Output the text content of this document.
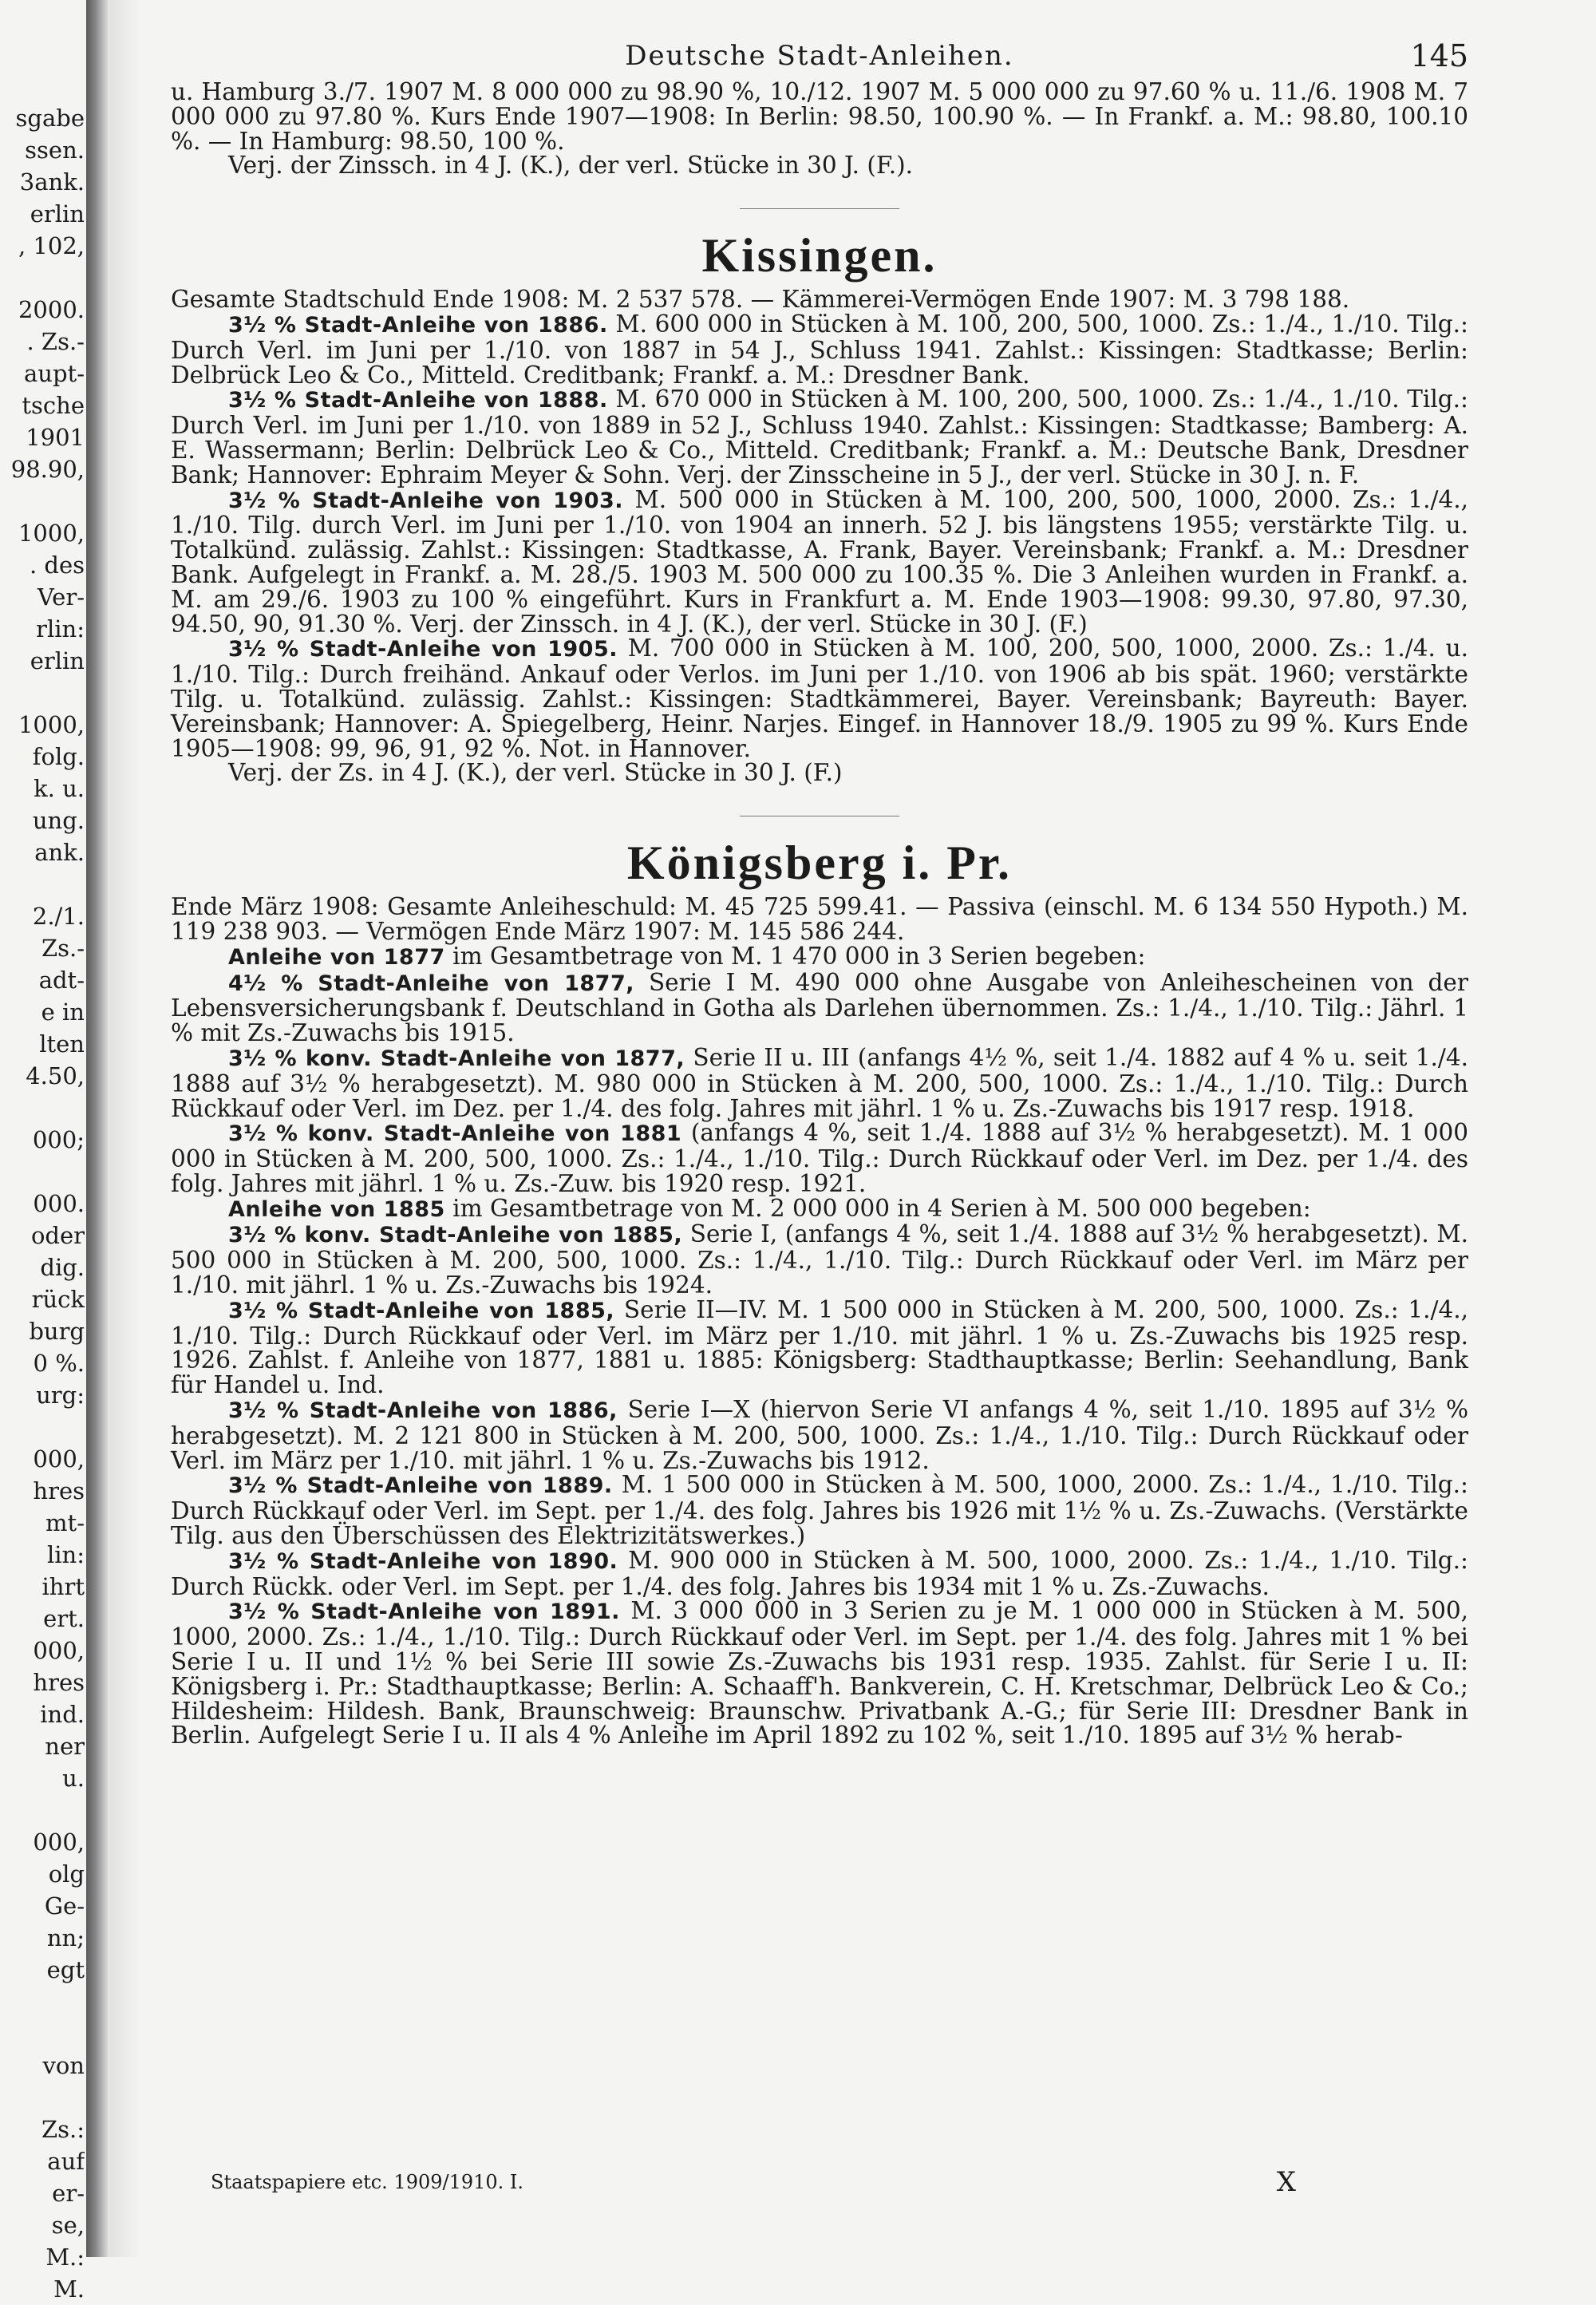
sgabe
ssen.
3ank.
erlin
, 102,
2000.
. Zs.-
aupt-
tsche
1901
98.90,
1000,
. des
Ver-
rlin:
erlin
1000,
folg.
k. u.
ung.
ank.
2./1.
Zs.-
adt-
e in
lten
4.50,
000;
000.
oder
dig.
rück
burg
0 %.
urg:
000,
hres
mt-
lin:
ihrt
ert.
000,
hres
ind.
ner
u.
000,
olg
Ge-
nn;
egt
von
Zs.:
auf
er-
se,
M.:
M.
Deutsche Stadt-Anleihen.	145

u. Hamburg 3./7. 1907 M. 8 000 000 zu 98.90 %, 10./12. 1907 M. 5 000 000 zu 97.60 % u. 11./6. 1908 M. 7 000 000 zu 97.80 %. Kurs Ende 1907—1908: In Berlin: 98.50, 100.90 %. — In Frankf. a. M.: 98.80, 100.10 %. — In Hamburg: 98.50, 100 %.

Verj. der Zinssch. in 4 J. (K.), der verl. Stücke in 30 J. (F.).

Kissingen.

Gesamte Stadtschuld Ende 1908: M. 2 537 578. — Kämmerei-Vermögen Ende 1907: M. 3 798 188.

3½ % Stadt-Anleihe von 1886. M. 600 000 in Stücken à M. 100, 200, 500, 1000. Zs.: 1./4., 1./10. Tilg.: Durch Verl. im Juni per 1./10. von 1887 in 54 J., Schluss 1941. Zahlst.: Kissingen: Stadtkasse; Berlin: Delbrück Leo & Co., Mitteld. Creditbank; Frankf. a. M.: Dresdner Bank.

3½ % Stadt-Anleihe von 1888. M. 670 000 in Stücken à M. 100, 200, 500, 1000. Zs.: 1./4., 1./10. Tilg.: Durch Verl. im Juni per 1./10. von 1889 in 52 J., Schluss 1940. Zahlst.: Kissingen: Stadtkasse; Bamberg: A. E. Wassermann; Berlin: Delbrück Leo & Co., Mitteld. Creditbank; Frankf. a. M.: Deutsche Bank, Dresdner Bank; Hannover: Ephraim Meyer & Sohn. Verj. der Zinsscheine in 5 J., der verl. Stücke in 30 J. n. F.

3½ % Stadt-Anleihe von 1903. M. 500 000 in Stücken à M. 100, 200, 500, 1000, 2000. Zs.: 1./4., 1./10. Tilg. durch Verl. im Juni per 1./10. von 1904 an innerh. 52 J. bis längstens 1955; verstärkte Tilg. u. Totalkünd. zulässig. Zahlst.: Kissingen: Stadtkasse, A. Frank, Bayer. Vereinsbank; Frankf. a. M.: Dresdner Bank. Aufgelegt in Frankf. a. M. 28./5. 1903 M. 500 000 zu 100.35 %. Die 3 Anleihen wurden in Frankf. a. M. am 29./6. 1903 zu 100 % eingeführt. Kurs in Frankfurt a. M. Ende 1903—1908: 99.30, 97.80, 97.30, 94.50, 90, 91.30 %. Verj. der Zinssch. in 4 J. (K.), der verl. Stücke in 30 J. (F.)

3½ % Stadt-Anleihe von 1905. M. 700 000 in Stücken à M. 100, 200, 500, 1000, 2000. Zs.: 1./4. u. 1./10. Tilg.: Durch freihänd. Ankauf oder Verlos. im Juni per 1./10. von 1906 ab bis spät. 1960; verstärkte Tilg. u. Totalkünd. zulässig. Zahlst.: Kissingen: Stadtkämmerei, Bayer. Vereinsbank; Bayreuth: Bayer. Vereinsbank; Hannover: A. Spiegelberg, Heinr. Narjes. Eingef. in Hannover 18./9. 1905 zu 99 %. Kurs Ende 1905—1908: 99, 96, 91, 92 %. Not. in Hannover.

Verj. der Zs. in 4 J. (K.), der verl. Stücke in 30 J. (F.)

Königsberg i. Pr.

Ende März 1908: Gesamte Anleiheschuld: M. 45 725 599.41. — Passiva (einschl. M. 6 134 550 Hypoth.) M. 119 238 903. — Vermögen Ende März 1907: M. 145 586 244.

Anleihe von 1877 im Gesamtbetrage von M. 1 470 000 in 3 Serien begeben:

4½ % Stadt-Anleihe von 1877, Serie I M. 490 000 ohne Ausgabe von Anleihescheinen von der Lebensversicherungsbank f. Deutschland in Gotha als Darlehen übernommen. Zs.: 1./4., 1./10. Tilg.: Jährl. 1 % mit Zs.-Zuwachs bis 1915.

3½ % konv. Stadt-Anleihe von 1877, Serie II u. III (anfangs 4½ %, seit 1./4. 1882 auf 4 % u. seit 1./4. 1888 auf 3½ % herabgesetzt). M. 980 000 in Stücken à M. 200, 500, 1000. Zs.: 1./4., 1./10. Tilg.: Durch Rückkauf oder Verl. im Dez. per 1./4. des folg. Jahres mit jährl. 1 % u. Zs.-Zuwachs bis 1917 resp. 1918.

3½ % konv. Stadt-Anleihe von 1881 (anfangs 4 %, seit 1./4. 1888 auf 3½ % herabgesetzt). M. 1 000 000 in Stücken à M. 200, 500, 1000. Zs.: 1./4., 1./10. Tilg.: Durch Rückkauf oder Verl. im Dez. per 1./4. des folg. Jahres mit jährl. 1 % u. Zs.-Zuw. bis 1920 resp. 1921.

Anleihe von 1885 im Gesamtbetrage von M. 2 000 000 in 4 Serien à M. 500 000 begeben:

3½ % konv. Stadt-Anleihe von 1885, Serie I, (anfangs 4 %, seit 1./4. 1888 auf 3½ % herabgesetzt). M. 500 000 in Stücken à M. 200, 500, 1000. Zs.: 1./4., 1./10. Tilg.: Durch Rückkauf oder Verl. im März per 1./10. mit jährl. 1 % u. Zs.-Zuwachs bis 1924.

3½ % Stadt-Anleihe von 1885, Serie II—IV. M. 1 500 000 in Stücken à M. 200, 500, 1000. Zs.: 1./4., 1./10. Tilg.: Durch Rückkauf oder Verl. im März per 1./10. mit jährl. 1 % u. Zs.-Zuwachs bis 1925 resp. 1926. Zahlst. f. Anleihe von 1877, 1881 u. 1885: Königsberg: Stadthauptkasse; Berlin: Seehandlung, Bank für Handel u. Ind.

3½ % Stadt-Anleihe von 1886, Serie I—X (hiervon Serie VI anfangs 4 %, seit 1./10. 1895 auf 3½ % herabgesetzt). M. 2 121 800 in Stücken à M. 200, 500, 1000. Zs.: 1./4., 1./10. Tilg.: Durch Rückkauf oder Verl. im März per 1./10. mit jährl. 1 % u. Zs.-Zuwachs bis 1912.

3½ % Stadt-Anleihe von 1889. M. 1 500 000 in Stücken à M. 500, 1000, 2000. Zs.: 1./4., 1./10. Tilg.: Durch Rückkauf oder Verl. im Sept. per 1./4. des folg. Jahres bis 1926 mit 1½ % u. Zs.-Zuwachs. (Verstärkte Tilg. aus den Überschüssen des Elektrizitätswerkes.)

3½ % Stadt-Anleihe von 1890. M. 900 000 in Stücken à M. 500, 1000, 2000. Zs.: 1./4., 1./10. Tilg.: Durch Rückk. oder Verl. im Sept. per 1./4. des folg. Jahres bis 1934 mit 1 % u. Zs.-Zuwachs.

3½ % Stadt-Anleihe von 1891. M. 3 000 000 in 3 Serien zu je M. 1 000 000 in Stücken à M. 500, 1000, 2000. Zs.: 1./4., 1./10. Tilg.: Durch Rückkauf oder Verl. im Sept. per 1./4. des folg. Jahres mit 1 % bei Serie I u. II und 1½ % bei Serie III sowie Zs.-Zuwachs bis 1931 resp. 1935. Zahlst. für Serie I u. II: Königsberg i. Pr.: Stadthauptkasse; Berlin: A. Schaaff'h. Bankverein, C. H. Kretschmar, Delbrück Leo & Co.; Hildesheim: Hildesh. Bank, Braunschweig: Braunschw. Privatbank A.-G.; für Serie III: Dresdner Bank in Berlin. Aufgelegt Serie I u. II als 4 % Anleihe im April 1892 zu 102 %, seit 1./10. 1895 auf 3½ % herab-

Staatspapiere etc. 1909/1910. I.	X
